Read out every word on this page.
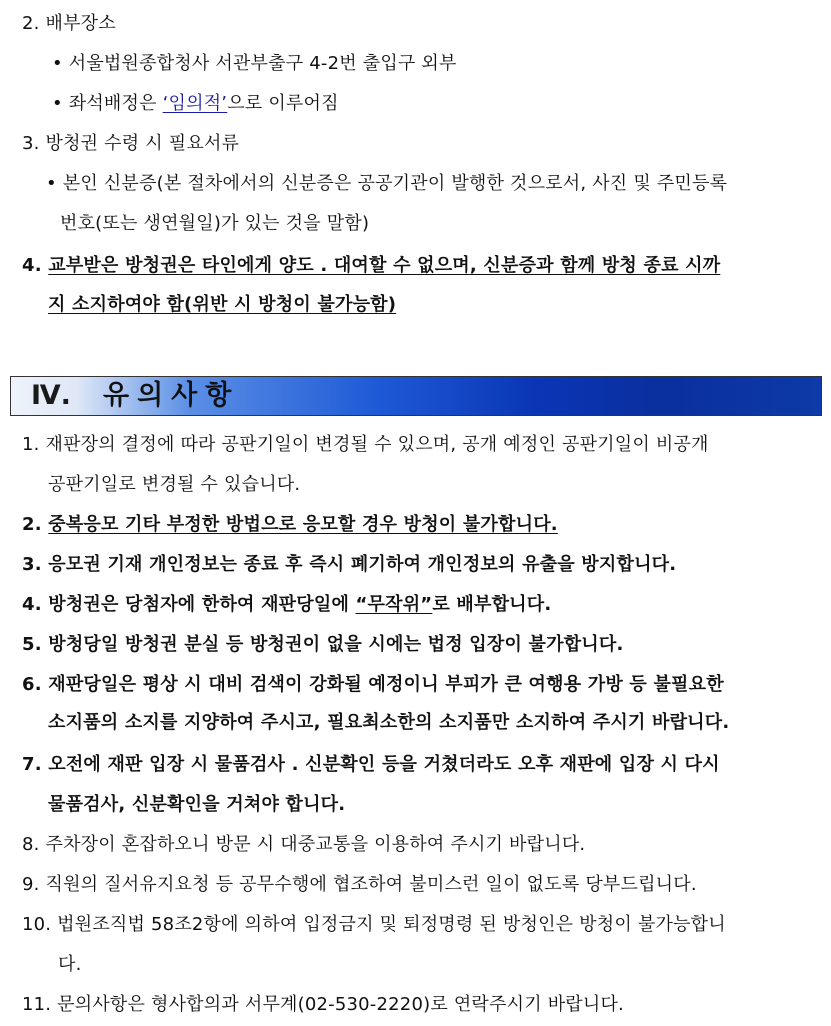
2. 배부장소
• 서울법원종합청사 서관부출구 4-2번 출입구 외부
• 좌석배정은 ‘임의적’으로 이루어짐
3. 방청권 수령 시 필요서류
• 본인 신분증(본 절차에서의 신분증은 공공기관이 발행한 것으로서, 사진 및 주민등록
번호(또는 생연월일)가 있는 것을 말함)
4. 교부받은 방청권은 타인에게 양도 . 대여할 수 없으며, 신분증과 함께 방청 종료 시까
지 소지하여야 함(위반 시 방청이 불가능함)
Ⅳ. 유의사항
1. 재판장의 결정에 따라 공판기일이 변경될 수 있으며, 공개 예정인 공판기일이 비공개
공판기일로 변경될 수 있습니다.
2. 중복응모 기타 부정한 방법으로 응모할 경우 방청이 불가합니다.
3. 응모권 기재 개인정보는 종료 후 즉시 폐기하여 개인정보의 유출을 방지합니다.
4. 방청권은 당첨자에 한하여 재판당일에 “무작위”로 배부합니다.
5. 방청당일 방청권 분실 등 방청권이 없을 시에는 법정 입장이 불가합니다.
6. 재판당일은 평상 시 대비 검색이 강화될 예정이니 부피가 큰 여행용 가방 등 불필요한
소지품의 소지를 지양하여 주시고, 필요최소한의 소지품만 소지하여 주시기 바랍니다.
7. 오전에 재판 입장 시 물품검사 . 신분확인 등을 거쳤더라도 오후 재판에 입장 시 다시
물품검사, 신분확인을 거쳐야 합니다.
8. 주차장이 혼잡하오니 방문 시 대중교통을 이용하여 주시기 바랍니다.
9. 직원의 질서유지요청 등 공무수행에 협조하여 불미스런 일이 없도록 당부드립니다.
10. 법원조직법 58조2항에 의하여 입정금지 및 퇴정명령 된 방청인은 방청이 불가능합니
다.
11. 문의사항은 형사합의과 서무계(02-530-2220)로 연락주시기 바랍니다.
